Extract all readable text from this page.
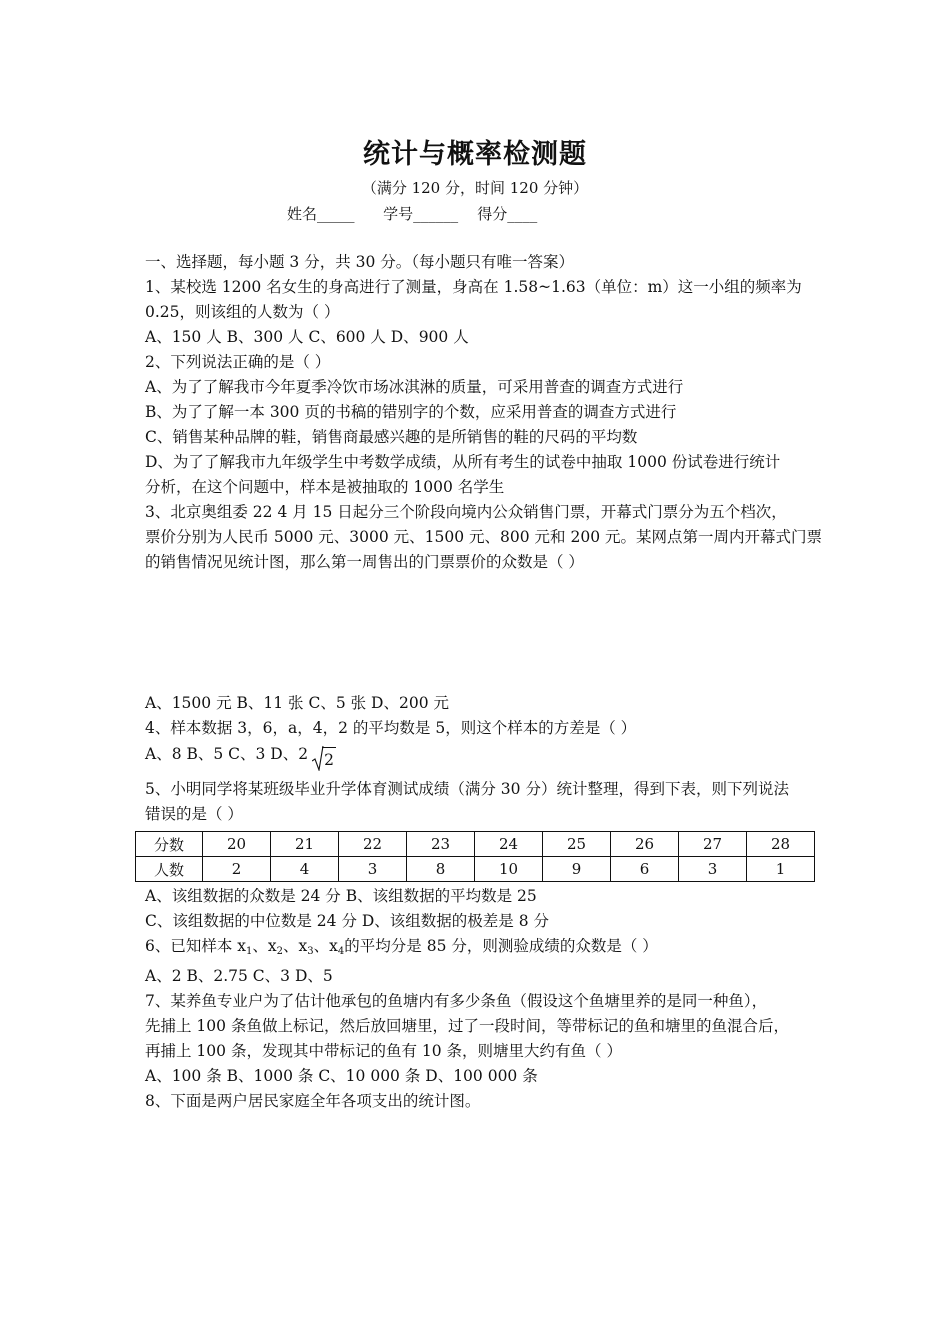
统计与概率检测题
（满分 120 分，时间 120 分钟）
姓名_____ 学号______ 得分____
一、选择题，每小题 3 分，共 30 分。（每小题只有唯一答案）
1、某校选 1200 名女生的身高进行了测量，身高在 1.58~1.63（单位：m）这一小组的频率为
0.25，则该组的人数为（ ）
A、150 人 B、300 人 C、600 人 D、900 人
2、下列说法正确的是（ ）
A、为了了解我市今年夏季冷饮市场冰淇淋的质量，可采用普查的调查方式进行
B、为了了解一本 300 页的书稿的错别字的个数，应采用普查的调查方式进行
C、销售某种品牌的鞋，销售商最感兴趣的是所销售的鞋的尺码的平均数
D、为了了解我市九年级学生中考数学成绩，从所有考生的试卷中抽取 1000 份试卷进行统计
分析，在这个问题中，样本是被抽取的 1000 名学生
3、北京奥组委 22 4 月 15 日起分三个阶段向境内公众销售门票，开幕式门票分为五个档次，
票价分别为人民币 5000 元、3000 元、1500 元、800 元和 200 元。某网点第一周内开幕式门票
的销售情况见统计图，那么第一周售出的门票票价的众数是（ ）
A、1500 元 B、11 张 C、5 张 D、200 元
4、样本数据 3，6，a，4，2 的平均数是 5，则这个样本的方差是（ ）
A、8 B、5 C、3 D、2 2
5、小明同学将某班级毕业升学体育测试成绩（满分 30 分）统计整理，得到下表，则下列说法
错误的是（ ）
分数	20	21	22	23	24	25	26	27	28
人数	2	4	3	8	10	9	6	3	1
A、该组数据的众数是 24 分 B、该组数据的平均数是 25
C、该组数据的中位数是 24 分 D、该组数据的极差是 8 分
6、已知样本 $x_1$、$x_2$、$x_3$、$x_4$的平均分是 85 分，则测验成绩的众数是（ ）
A、2 B、2.75 C、3 D、5
7、某养鱼专业户为了估计他承包的鱼塘内有多少条鱼（假设这个鱼塘里养的是同一种鱼），
先捕上 100 条鱼做上标记，然后放回塘里，过了一段时间，等带标记的鱼和塘里的鱼混合后，
再捕上 100 条，发现其中带标记的鱼有 10 条，则塘里大约有鱼（ ）
A、100 条 B、1000 条 C、10 000 条 D、100 000 条
8、下面是两户居民家庭全年各项支出的统计图。
